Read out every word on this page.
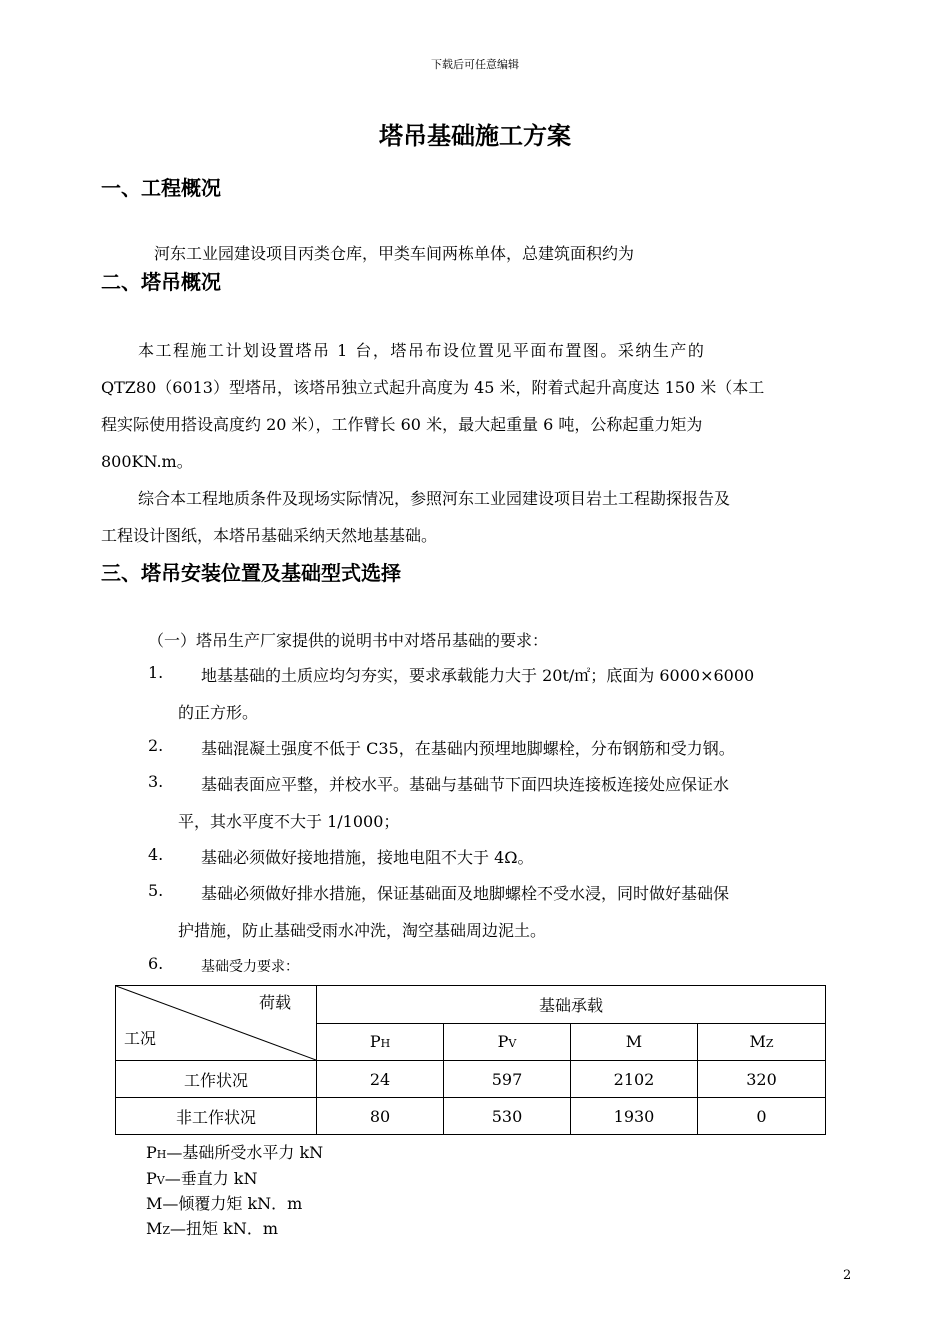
下载后可任意编辑
塔吊基础施工方案
一、工程概况
河东工业园建设项目丙类仓库，甲类车间两栋单体，总建筑面积约为
二、塔吊概况
本工程施工计划设置塔吊 1 台，塔吊布设位置见平面布置图。采纳生产的
QTZ80（6013）型塔吊，该塔吊独立式起升高度为 45 米，附着式起升高度达 150 米（本工
程实际使用搭设高度约 20 米），工作臂长 60 米，最大起重量 6 吨，公称起重力矩为
800KN.m。
综合本工程地质条件及现场实际情况，参照河东工业园建设项目岩土工程勘探报告及
工程设计图纸，本塔吊基础采纳天然地基基础。
三、塔吊安装位置及基础型式选择
（一）塔吊生产厂家提供的说明书中对塔吊基础的要求：
1. 地基基础的土质应均匀夯实，要求承载能力大于 20t/㎡；底面为 6000×6000
的正方形。
2. 基础混凝土强度不低于 C35，在基础内预埋地脚螺栓，分布钢筋和受力钢。
3. 基础表面应平整，并校水平。基础与基础节下面四块连接板连接处应保证水
平，其水平度不大于 1/1000；
4. 基础必须做好接地措施，接地电阻不大于 4Ω。
5. 基础必须做好排水措施，保证基础面及地脚螺栓不受水浸，同时做好基础保
护措施，防止基础受雨水冲洗，淘空基础周边泥土。
6.	基础受力要求：
荷载
工况	基础承载			
	PH	PV	M	MZ
工作状况	24	597	2102	320
非工作状况	80	530	1930	0
PH—基础所受水平力 kN
PV—垂直力 kN
M—倾覆力矩 kN．m
MZ—扭矩 kN．m
2
